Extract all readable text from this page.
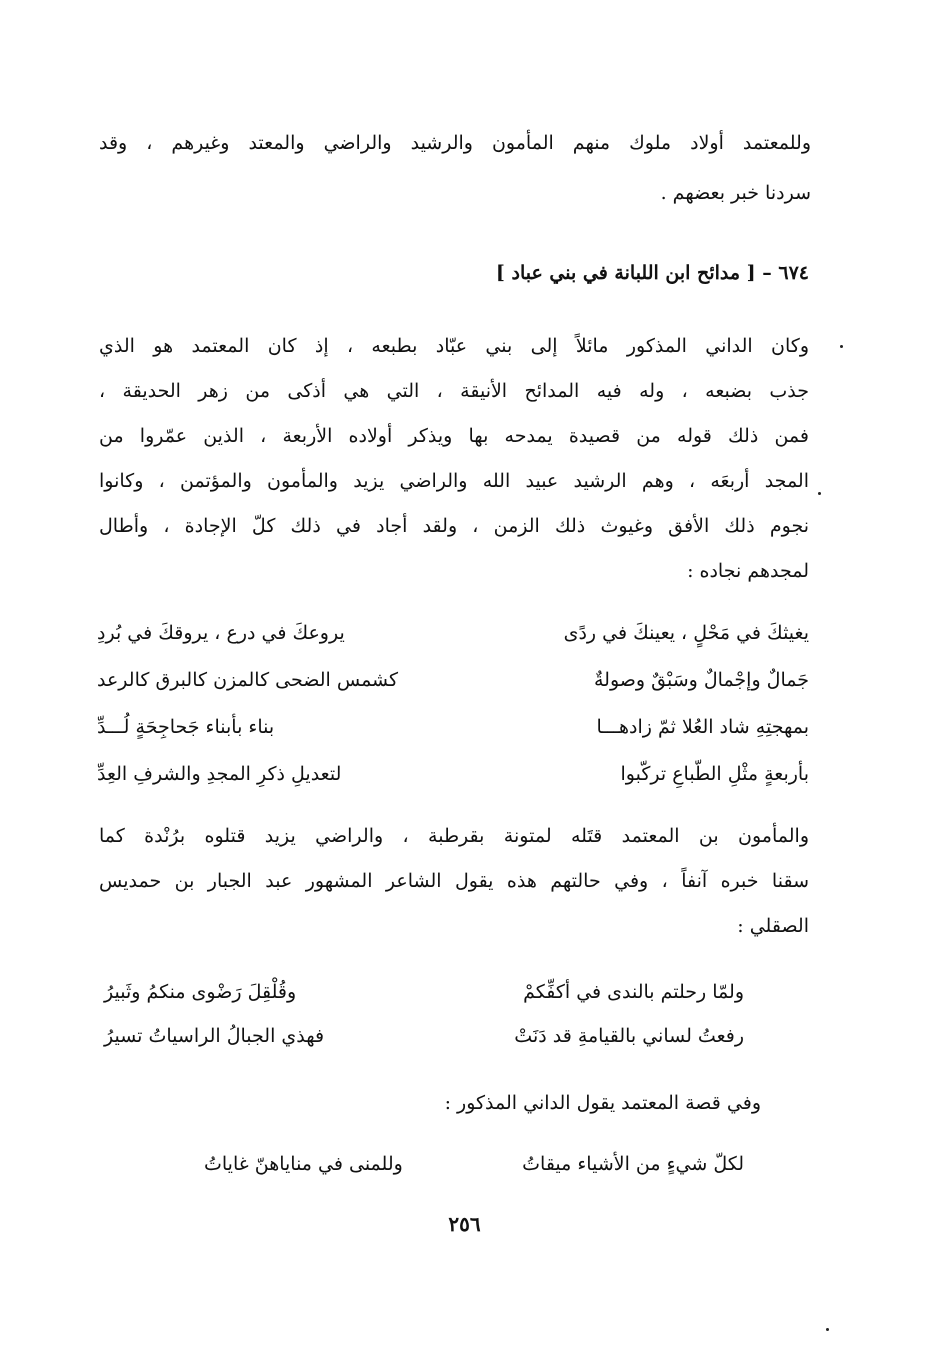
وللمعتمد أولاد ملوك منهم المأمون والرشيد والراضي والمعتد وغيرهم ، وقد
سردنا خبر بعضهم .
٦٧٤ – [ مدائح ابن اللبانة في بني عباد ]
وكان الداني المذكور مائلاً إلى بني عبّاد بطبعه ، إذ كان المعتمد هو الذي
جذب بضبعه ، وله فيه المدائح الأنيقة ، التي هي أذكى من زهر الحديقة ،
فمن ذلك قوله من قصيدة يمدحه بها ويذكر أولاده الأربعة ، الذين عمّروا من
المجد أربعَه ، وهم الرشيد عبيد الله والراضي يزيد والمأمون والمؤتمن ، وكانوا
نجوم ذلك الأفق وغيوث ذلك الزمن ، ولقد أجاد في ذلك كلّ الإجادة ، وأطال
لمجدهم نجاده :
يغيثكَ في مَحْلٍ ، يعينكَ في ردًى
يروعكَ في درع ، يروقكَ في بُردِ
جَمالٌ وإجْمالٌ وسَبْقٌ وصولةٌ
كشمس الضحى كالمزن كالبرق كالرعد
بمهجتِهِ شاد العُلا ثمّ زادهـــا
بناء بأبناء جَحاجِحَةٍ لُـــدِّ
بأربعةٍ مثْلِ الطّباعِ تركّبوا
لتعديلِ ذكرِ المجدِ والشرفِ العِدِّ
والمأمون بن المعتمد قتَله لمتونة بقرطبة ، والراضي يزيد قتلوه برُنْدة كما
سقنا خبره آنفاً ، وفي حالتهم هذه يقول الشاعر المشهور عبد الجبار بن حمديس
الصقلي :
ولمّا رحلتم بالندى في أكفِّكمْ
وقُلْقِلَ رَضْوى منكمُ وثَبيرُ
رفعتُ لساني بالقيامةِ قد دَنَتْ
فهذي الجبالُ الراسياتُ تسيرُ
وفي قصة المعتمد يقول الداني المذكور :
لكلّ شيءٍ من الأشياء ميقاتُ
وللمنى في مناياهنّ غاياتُ
٢٥٦
